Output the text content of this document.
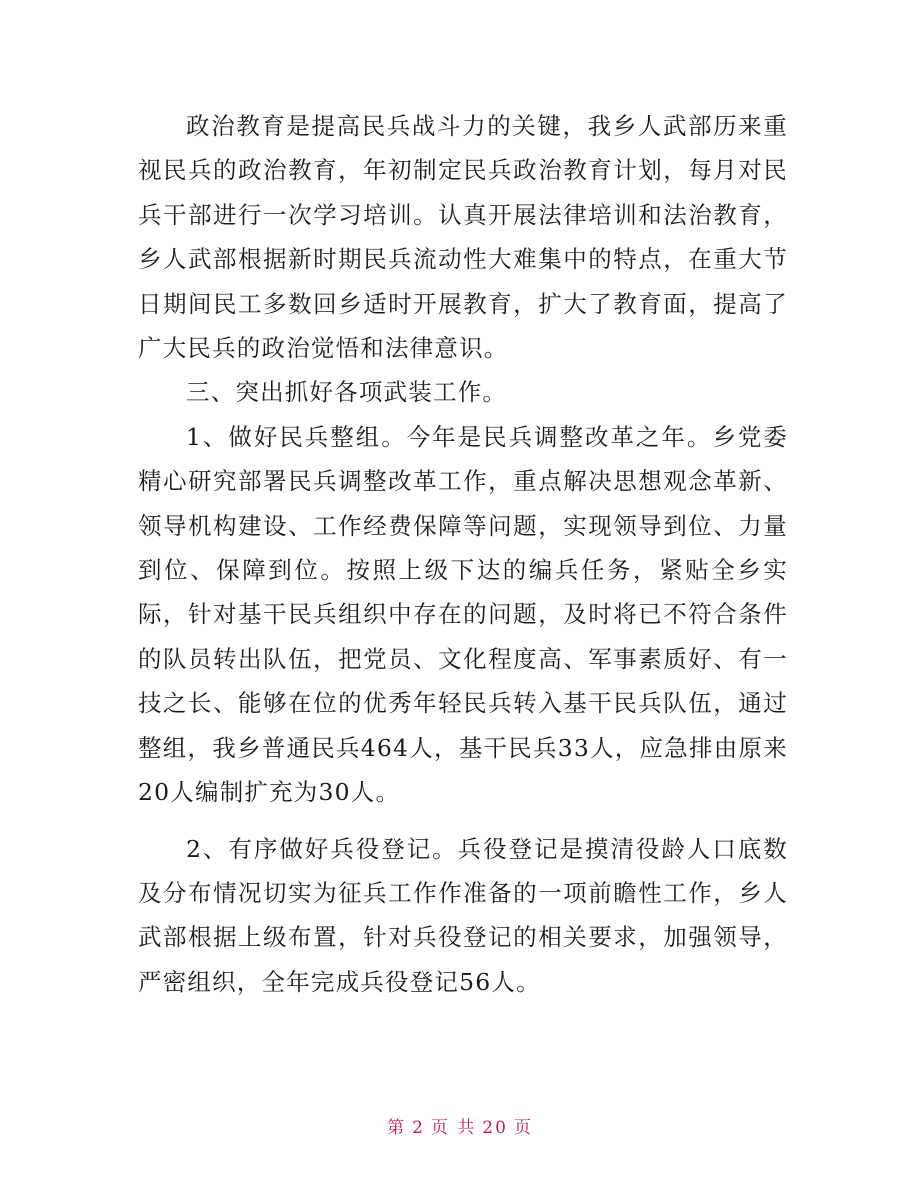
政治教育是提高民兵战斗力的关键，我乡人武部历来重视民兵的政治教育，年初制定民兵政治教育计划，每月对民兵干部进行一次学习培训。认真开展法律培训和法治教育，乡人武部根据新时期民兵流动性大难集中的特点，在重大节日期间民工多数回乡适时开展教育，扩大了教育面，提高了广大民兵的政治觉悟和法律意识。

三、突出抓好各项武装工作。

1、做好民兵整组。今年是民兵调整改革之年。乡党委精心研究部署民兵调整改革工作，重点解决思想观念革新、领导机构建设、工作经费保障等问题，实现领导到位、力量到位、保障到位。按照上级下达的编兵任务，紧贴全乡实际，针对基干民兵组织中存在的问题，及时将已不符合条件的队员转出队伍，把党员、文化程度高、军事素质好、有一技之长、能够在位的优秀年轻民兵转入基干民兵队伍，通过整组，我乡普通民兵464人，基干民兵33人，应急排由原来20人编制扩充为30人。

2、有序做好兵役登记。兵役登记是摸清役龄人口底数及分布情况切实为征兵工作作准备的一项前瞻性工作，乡人武部根据上级布置，针对兵役登记的相关要求，加强领导，严密组织，全年完成兵役登记56人。

第 2 页 共 20 页
